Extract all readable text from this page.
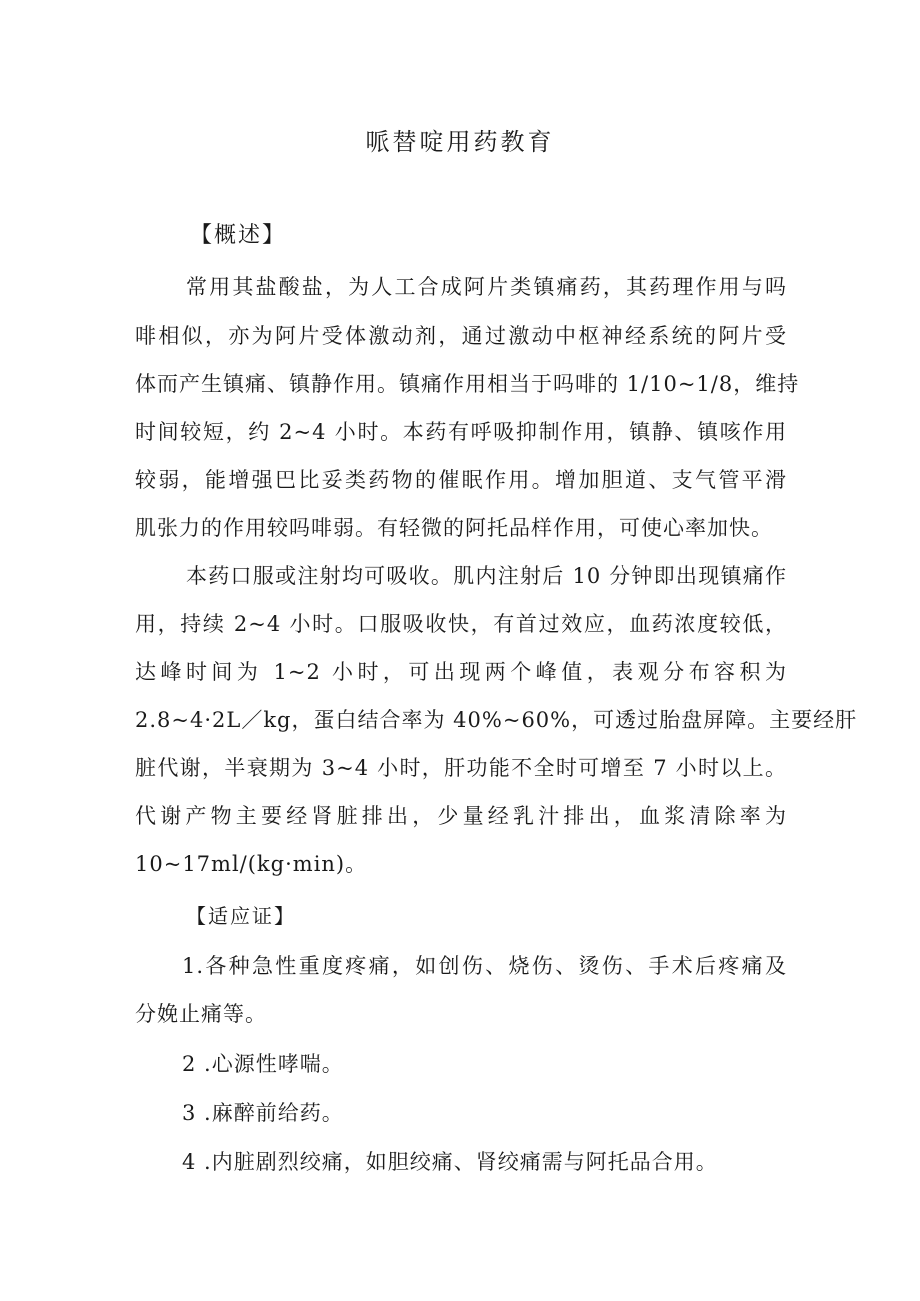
哌替啶用药教育
【概述】
常用其盐酸盐，为人工合成阿片类镇痛药，其药理作用与吗
啡相似，亦为阿片受体激动剂，通过激动中枢神经系统的阿片受
体而产生镇痛、镇静作用。镇痛作用相当于吗啡的 1/10~1/8，维持
时间较短，约 2~4 小时。本药有呼吸抑制作用，镇静、镇咳作用
较弱，能增强巴比妥类药物的催眠作用。增加胆道、支气管平滑
肌张力的作用较吗啡弱。有轻微的阿托品样作用，可使心率加快。
本药口服或注射均可吸收。肌内注射后 10 分钟即出现镇痛作
用，持续 2~4 小时。口服吸收快，有首过效应，血药浓度较低，
达峰时间为 1~2 小时，可出现两个峰值，表观分布容积为
2.8~4·2L／kg，蛋白结合率为 40%~60%，可透过胎盘屏障。主要经肝
脏代谢，半衰期为 3~4 小时，肝功能不全时可增至 7 小时以上。
代谢产物主要经肾脏排出，少量经乳汁排出，血浆清除率为
10~17ml/(kg·min)。
【适应证】
1.各种急性重度疼痛，如创伤、烧伤、烫伤、手术后疼痛及
分娩止痛等。
2 .心源性哮喘。
3 .麻醉前给药。
4 .内脏剧烈绞痛，如胆绞痛、肾绞痛需与阿托品合用。
